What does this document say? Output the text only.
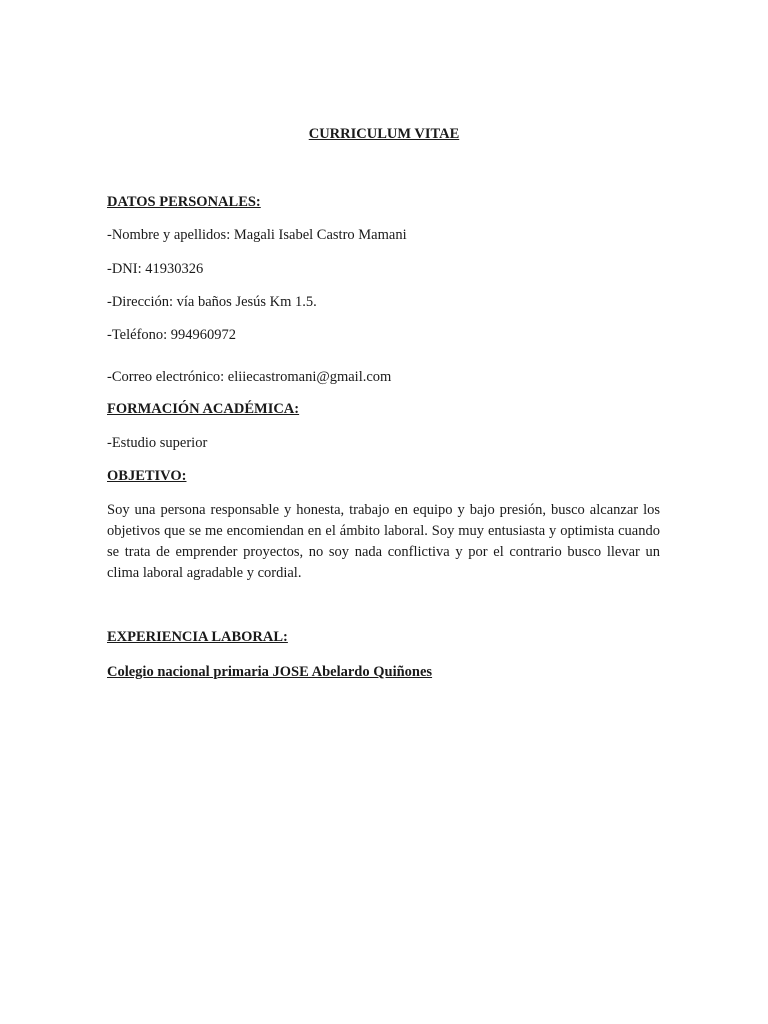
CURRICULUM VITAE
DATOS PERSONALES:
-Nombre y apellidos: Magali Isabel Castro Mamani
-DNI: 41930326
-Dirección: vía baños Jesús Km 1.5.
-Teléfono: 994960972
-Correo electrónico: eliiecastromani@gmail.com
FORMACIÓN ACADÉMICA:
-Estudio superior
OBJETIVO:
Soy una persona responsable y honesta, trabajo en equipo y bajo presión, busco alcanzar los objetivos que se me encomiendan en el ámbito laboral. Soy muy entusiasta y optimista cuando se trata de emprender proyectos, no soy nada conflictiva y por el contrario busco llevar un clima laboral agradable y cordial.
EXPERIENCIA LABORAL:
Colegio nacional primaria JOSE Abelardo Quiñones
